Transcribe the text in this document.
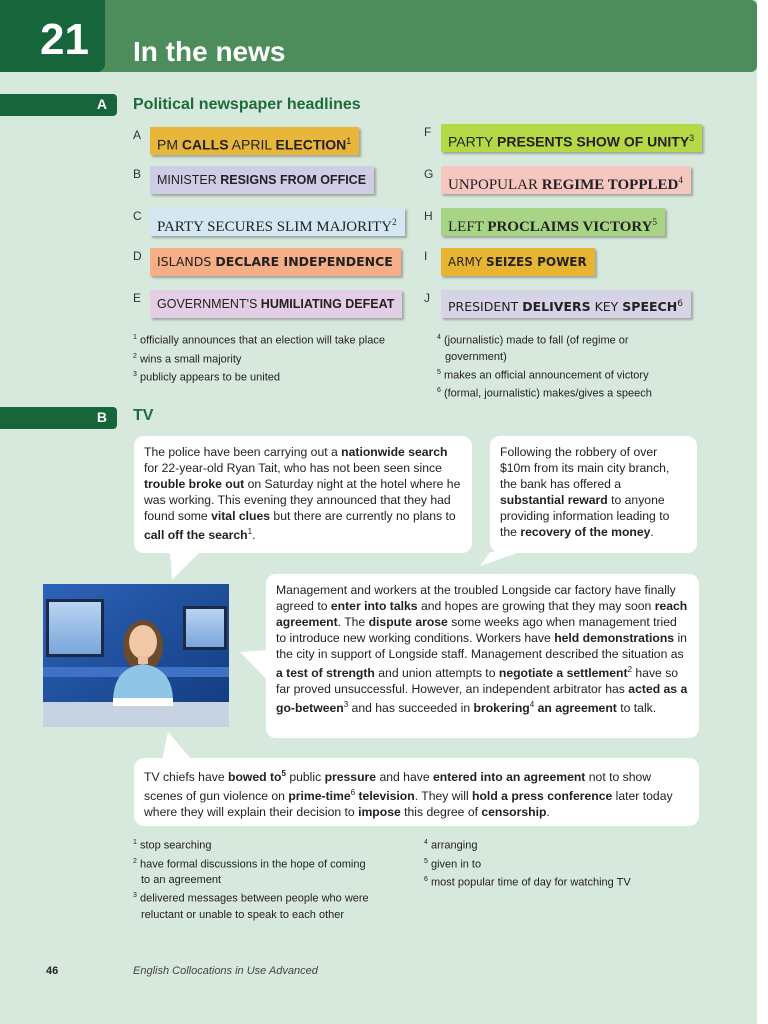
21 In the news
A Political newspaper headlines
A
PM CALLS APRIL ELECTION$^1$
B	MINISTER RESIGNS FROM OFFICE
C
PARTY SECURES SLIM MAJORITY$^2$
D	ISLANDS DECLARE INDEPENDENCE
E	GOVERNMENT'S HUMILIATING DEFEAT
F
PARTY PRESENTS SHOW OF UNITY$^3$
G
UNPOPULAR REGIME TOPPLED$^4$
H
LEFT PROCLAIMS VICTORY$^5$
I	ARMY SEIZES POWER
J
PRESIDENT DELIVERS KEY SPEECH$^6$
$^1$ officially announces that an election will take place
$^2$ wins a small majority
$^3$ publicly appears to be united
$^4$ (journalistic) made to fall (of regime or
government)
$^5$ makes an official announcement of victory
$^6$ (formal, journalistic) makes/gives a speech
B TV
The police have been carrying out a nationwide search for 22-year-old Ryan Tait, who has not been seen since trouble broke out on Saturday night at the hotel where he was working. This evening they announced that they had found some vital clues but there are currently no plans to call off the search$^1$.
Following the robbery of over $10m from its main city branch, the bank has offered a substantial reward to anyone providing information leading to the recovery of the money.
Management and workers at the troubled Longside car factory have finally agreed to enter into talks and hopes are growing that they may soon reach agreement. The dispute arose some weeks ago when management tried to introduce new working conditions. Workers have held demonstrations in the city in support of Longside staff. Management described the situation as a test of strength and union attempts to negotiate a settlement$^2$ have so far proved unsuccessful. However, an independent arbitrator has acted as a go-between$^3$ and has succeeded in brokering$^4$ an agreement to talk.
TV chiefs have bowed $to^5$ public pressure and have entered into an agreement not to show scenes of gun violence on prime-time$^6$ television. They will hold a press conference later today where they will explain their decision to impose this degree of censorship.
$^1$ stop searching
$^2$ have formal discussions in the hope of coming
to an agreement
$^3$ delivered messages between people who were
reluctant or unable to speak to each other
$^4$ arranging
$^5$ given in to
$^6$ most popular time of day for watching TV
46	English Collocations in Use Advanced
